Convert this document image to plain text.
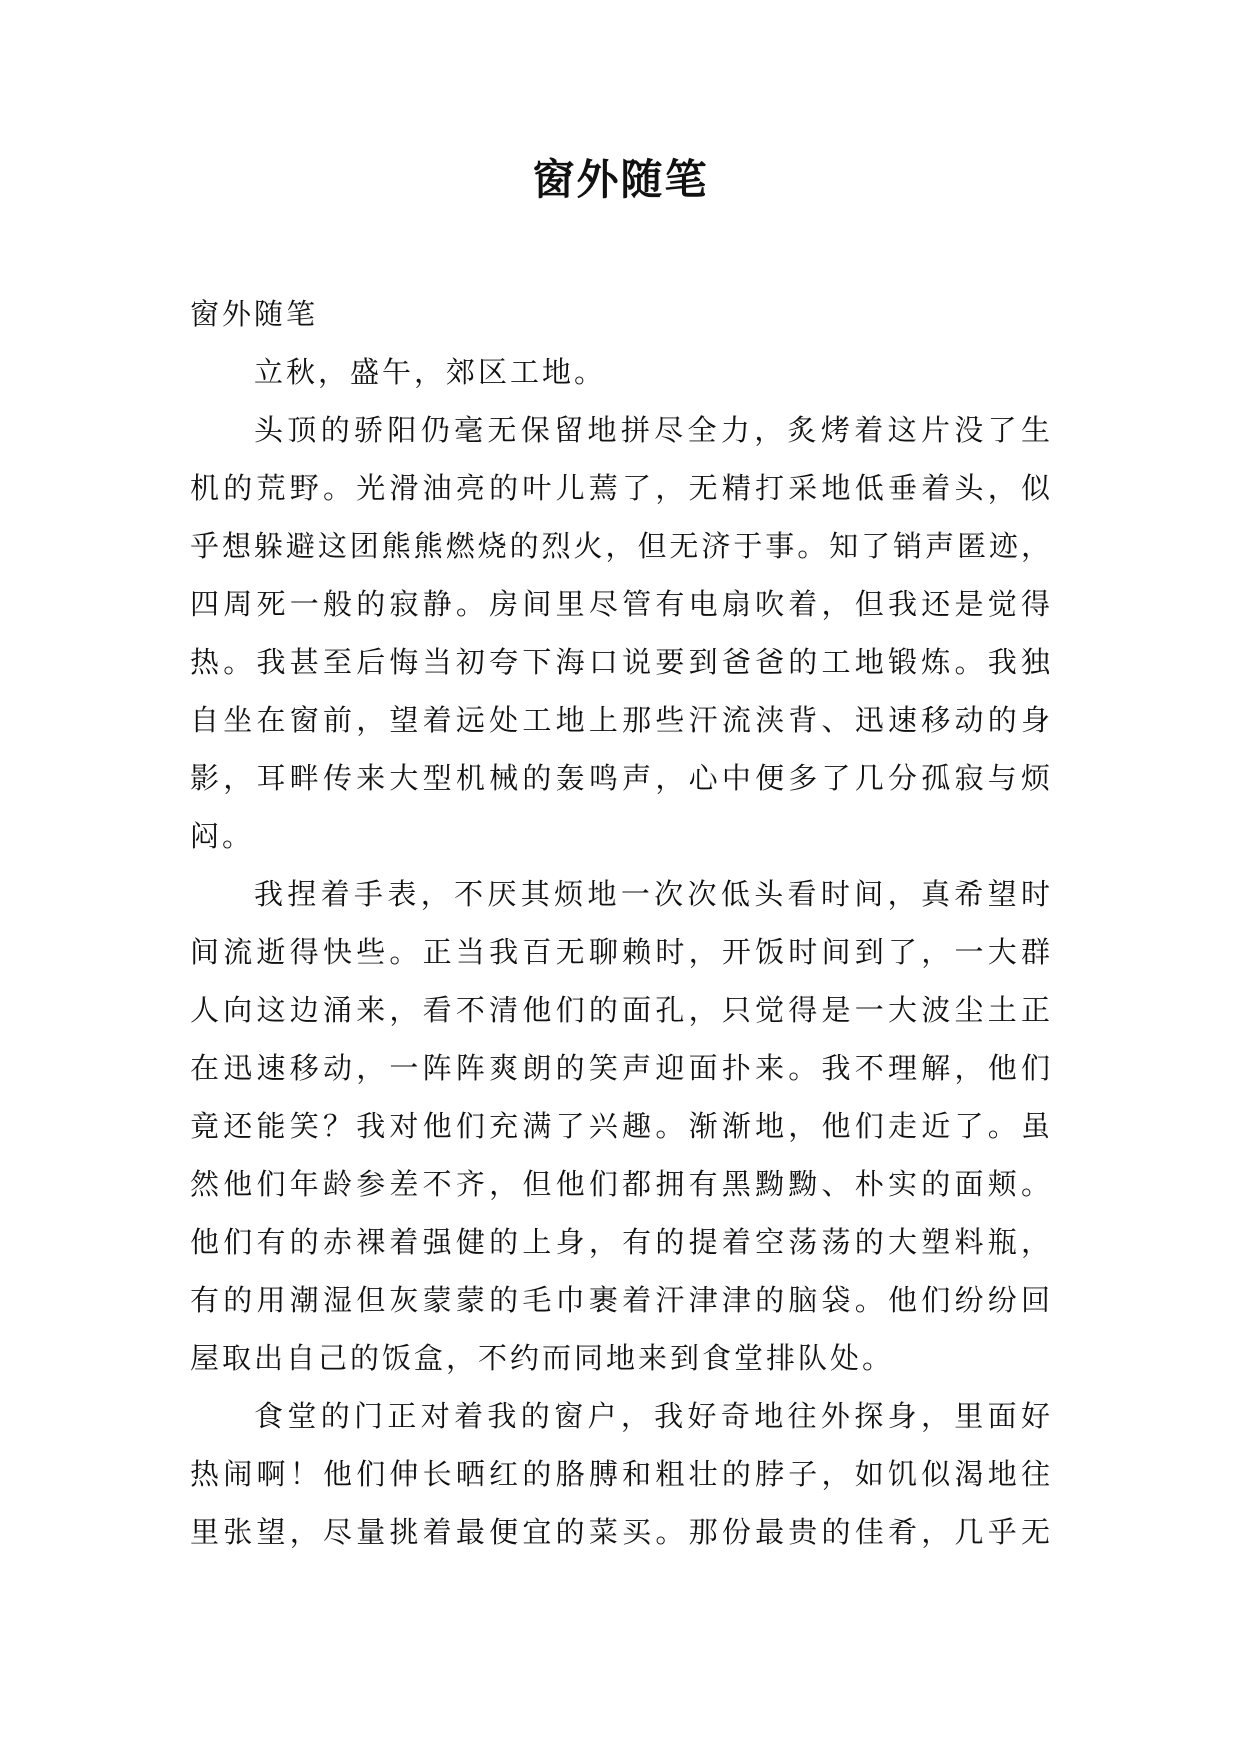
窗外随笔

窗外随笔

立秋，盛午，郊区工地。

头顶的骄阳仍毫无保留地拼尽全力，炙烤着这片没了生
机的荒野。光滑油亮的叶儿蔫了，无精打采地低垂着头，似
乎想躲避这团熊熊燃烧的烈火，但无济于事。知了销声匿迹，
四周死一般的寂静。房间里尽管有电扇吹着，但我还是觉得
热。我甚至后悔当初夸下海口说要到爸爸的工地锻炼。我独
自坐在窗前，望着远处工地上那些汗流浃背、迅速移动的身
影，耳畔传来大型机械的轰鸣声，心中便多了几分孤寂与烦
闷。

我捏着手表，不厌其烦地一次次低头看时间，真希望时
间流逝得快些。正当我百无聊赖时，开饭时间到了，一大群
人向这边涌来，看不清他们的面孔，只觉得是一大波尘土正
在迅速移动，一阵阵爽朗的笑声迎面扑来。我不理解，他们
竟还能笑？我对他们充满了兴趣。渐渐地，他们走近了。虽
然他们年龄参差不齐，但他们都拥有黑黝黝、朴实的面颊。
他们有的赤裸着强健的上身，有的提着空荡荡的大塑料瓶，
有的用潮湿但灰蒙蒙的毛巾裹着汗津津的脑袋。他们纷纷回
屋取出自己的饭盒，不约而同地来到食堂排队处。

食堂的门正对着我的窗户，我好奇地往外探身，里面好
热闹啊！他们伸长晒红的胳膊和粗壮的脖子，如饥似渴地往
里张望，尽量挑着最便宜的菜买。那份最贵的佳肴，几乎无
